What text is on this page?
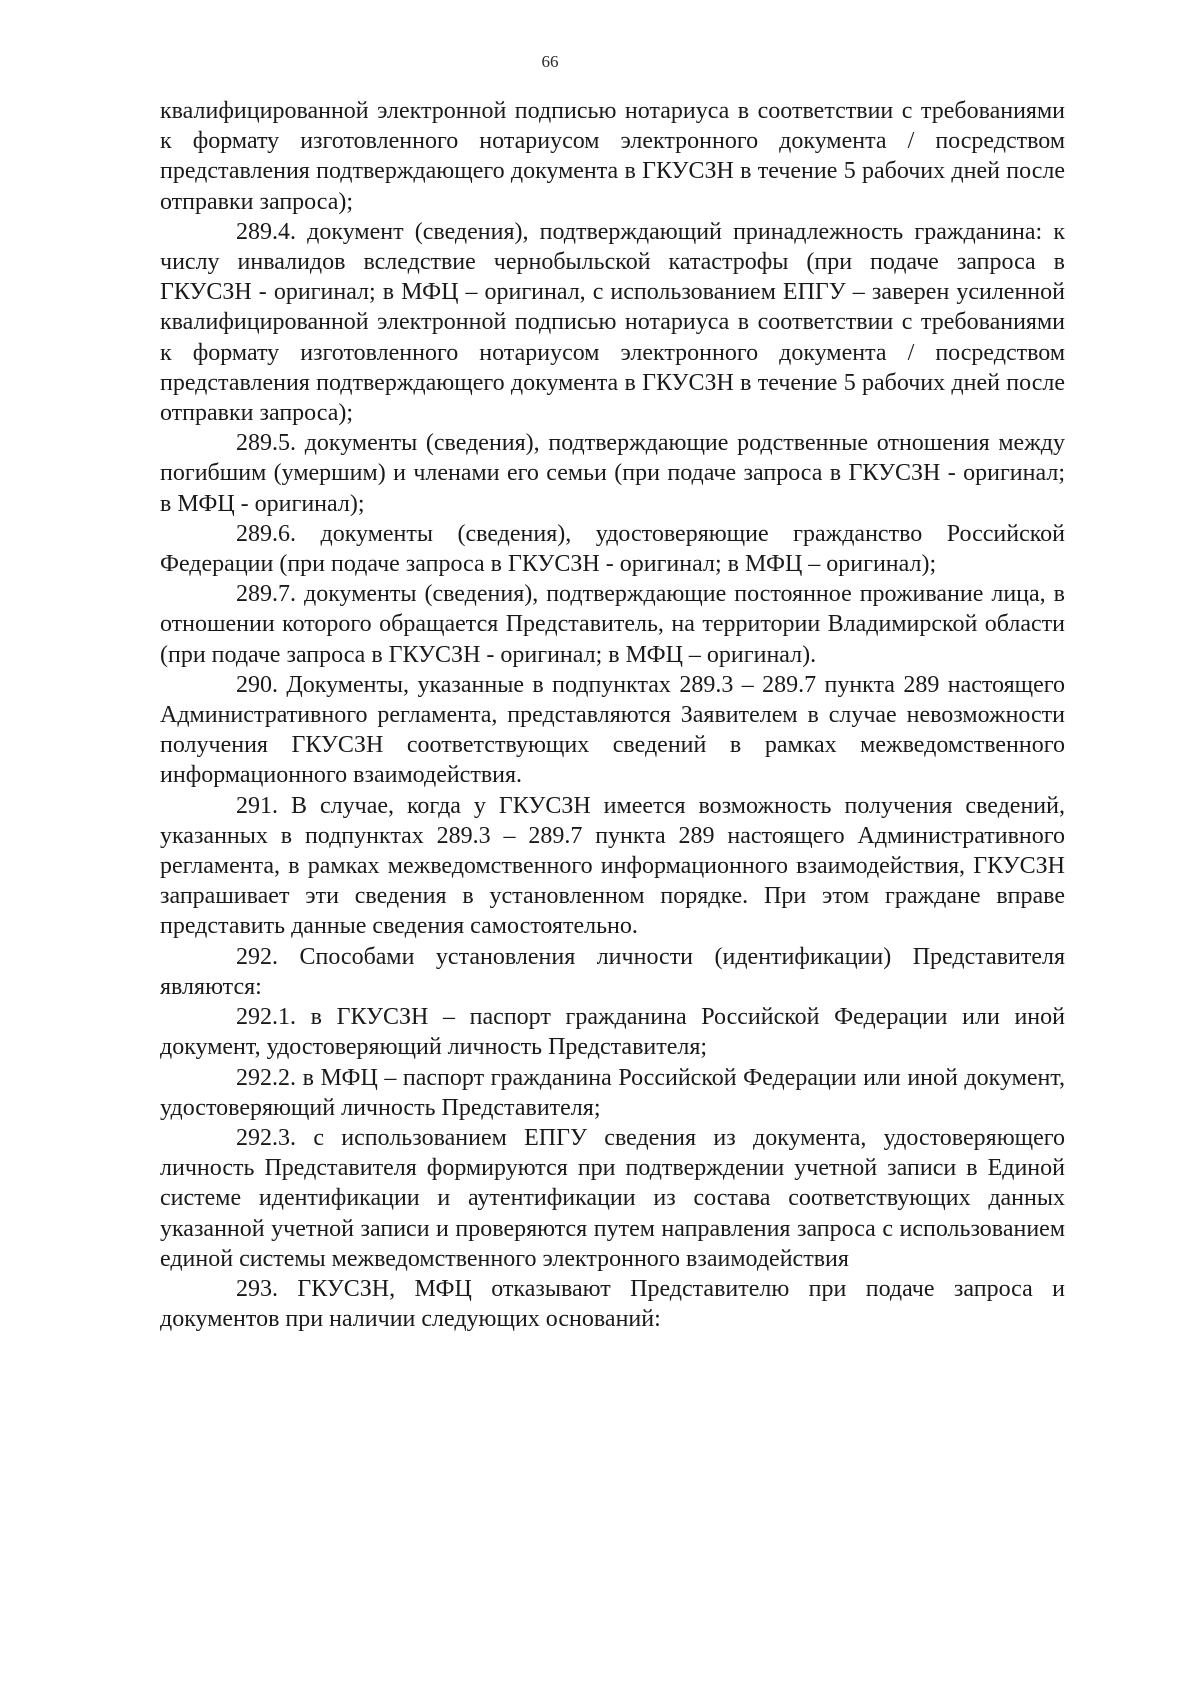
66

квалифицированной электронной подписью нотариуса в соответствии с требованиями к формату изготовленного нотариусом электронного документа / посредством представления подтверждающего документа в ГКУСЗН в течение 5 рабочих дней после отправки запроса);

289.4. документ (сведения), подтверждающий принадлежность гражданина: к числу инвалидов вследствие чернобыльской катастрофы (при подаче запроса в ГКУСЗН - оригинал; в МФЦ – оригинал, с использованием ЕПГУ – заверен усиленной квалифицированной электронной подписью нотариуса в соответствии с требованиями к формату изготовленного нотариусом электронного документа / посредством представления подтверждающего документа в ГКУСЗН в течение 5 рабочих дней после отправки запроса);

289.5. документы (сведения), подтверждающие родственные отношения между погибшим (умершим) и членами его семьи (при подаче запроса в ГКУСЗН - оригинал; в МФЦ - оригинал);

289.6. документы (сведения), удостоверяющие гражданство Российской Федерации (при подаче запроса в ГКУСЗН - оригинал; в МФЦ – оригинал);

289.7. документы (сведения), подтверждающие постоянное проживание лица, в отношении которого обращается Представитель, на территории Владимирской области (при подаче запроса в ГКУСЗН - оригинал; в МФЦ – оригинал).

290. Документы, указанные в подпунктах 289.3 – 289.7 пункта 289 настоящего Административного регламента, представляются Заявителем в случае невозможности получения ГКУСЗН соответствующих сведений в рамках межведомственного информационного взаимодействия.

291. В случае, когда у ГКУСЗН имеется возможность получения сведений, указанных в подпунктах 289.3 – 289.7 пункта 289 настоящего Административного регламента, в рамках межведомственного информационного взаимодействия, ГКУСЗН запрашивает эти сведения в установленном порядке. При этом граждане вправе представить данные сведения самостоятельно.

292. Способами установления личности (идентификации) Представителя являются:

292.1. в ГКУСЗН – паспорт гражданина Российской Федерации или иной документ, удостоверяющий личность Представителя;

292.2. в МФЦ – паспорт гражданина Российской Федерации или иной документ, удостоверяющий личность Представителя;

292.3. с использованием ЕПГУ сведения из документа, удостоверяющего личность Представителя формируются при подтверждении учетной записи в Единой системе идентификации и аутентификации из состава соответствующих данных указанной учетной записи и проверяются путем направления запроса с использованием единой системы межведомственного электронного взаимодействия

293. ГКУСЗН, МФЦ отказывают Представителю при подаче запроса и документов при наличии следующих оснований:
